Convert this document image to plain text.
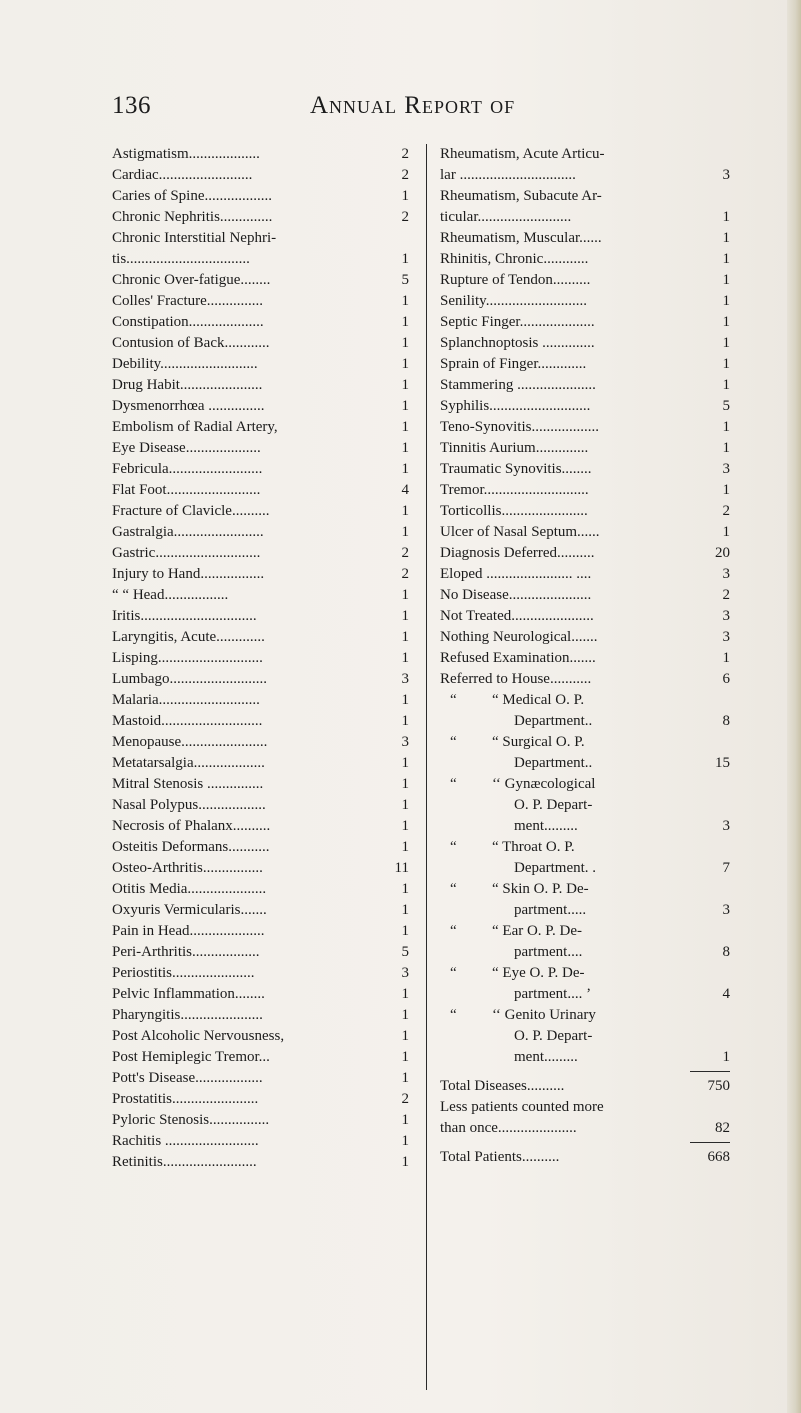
136	Annual Report of
Astigmatism...................	2
Cardiac.........................	2
Caries of Spine..................	1
Chronic Nephritis..............	2
Chronic Interstitial Nephri-
tis.................................	1
Chronic Over-fatigue........	5
Colles' Fracture...............	1
Constipation....................	1
Contusion of Back............	1
Debility..........................	1
Drug Habit......................	1
Dysmenorrhœa ...............	1
Embolism of Radial Artery,	1
Eye Disease....................	1
Febricula.........................	1
Flat Foot.........................	4
Fracture of Clavicle..........	1
Gastralgia........................	1
Gastric............................	2
Injury to Hand.................	2
“ “ Head.................	1
Iritis...............................	1
Laryngitis, Acute.............	1
Lisping............................	1
Lumbago..........................	3
Malaria...........................	1
Mastoid...........................	1
Menopause.......................	3
Metatarsalgia...................	1
Mitral Stenosis ...............	1
Nasal Polypus..................	1
Necrosis of Phalanx..........	1
Osteitis Deformans...........	1
Osteo-Arthritis................	11
Otitis Media.....................	1
Oxyuris Vermicularis.......	1
Pain in Head....................	1
Peri-Arthritis..................	5
Periostitis......................	3
Pelvic Inflammation........	1
Pharyngitis......................	1
Post Alcoholic Nervousness,	1
Post Hemiplegic Tremor...	1
Pott's Disease..................	1
Prostatitis.......................	2
Pyloric Stenosis................	1
Rachitis .........................	1
Retinitis.........................	1
Rheumatism, Acute Articu-
lar ...............................	3
Rheumatism, Subacute Ar-
ticular.........................	1
Rheumatism, Muscular......	1
Rhinitis, Chronic............	1
Rupture of Tendon..........	1
Senility...........................	1
Septic Finger....................	1
Splanchnoptosis ..............	1
Sprain of Finger.............	1
Stammering .....................	1
Syphilis...........................	5
Teno-Synovitis..................	1
Tinnitis Aurium..............	1
Traumatic Synovitis........	3
Tremor............................	1
Torticollis.......................	2
Ulcer of Nasal Septum......	1
Diagnosis Deferred..........	20
Eloped ....................... ....	3
No Disease......................	2
Not Treated......................	3
Nothing Neurological.......	3
Refused Examination.......	1
Referred to House...........	6
“ “ Medical O. P.
Department..	8
“ “ Surgical O. P.
Department..	15
“ ‘‘ Gynæcological
O. P. Depart-
ment.........	3
“ “ Throat O. P.
Department. .	7
“ “ Skin O. P. De-
partment.....	3
“ “ Ear O. P. De-
partment....	8
“ “ Eye O. P. De-
partment.... ’	4
“ ‘‘ Genito Urinary
O. P. Depart-
ment.........	1
Total Diseases..........	750
Less patients counted more
than once.....................	82
Total Patients..........	668
